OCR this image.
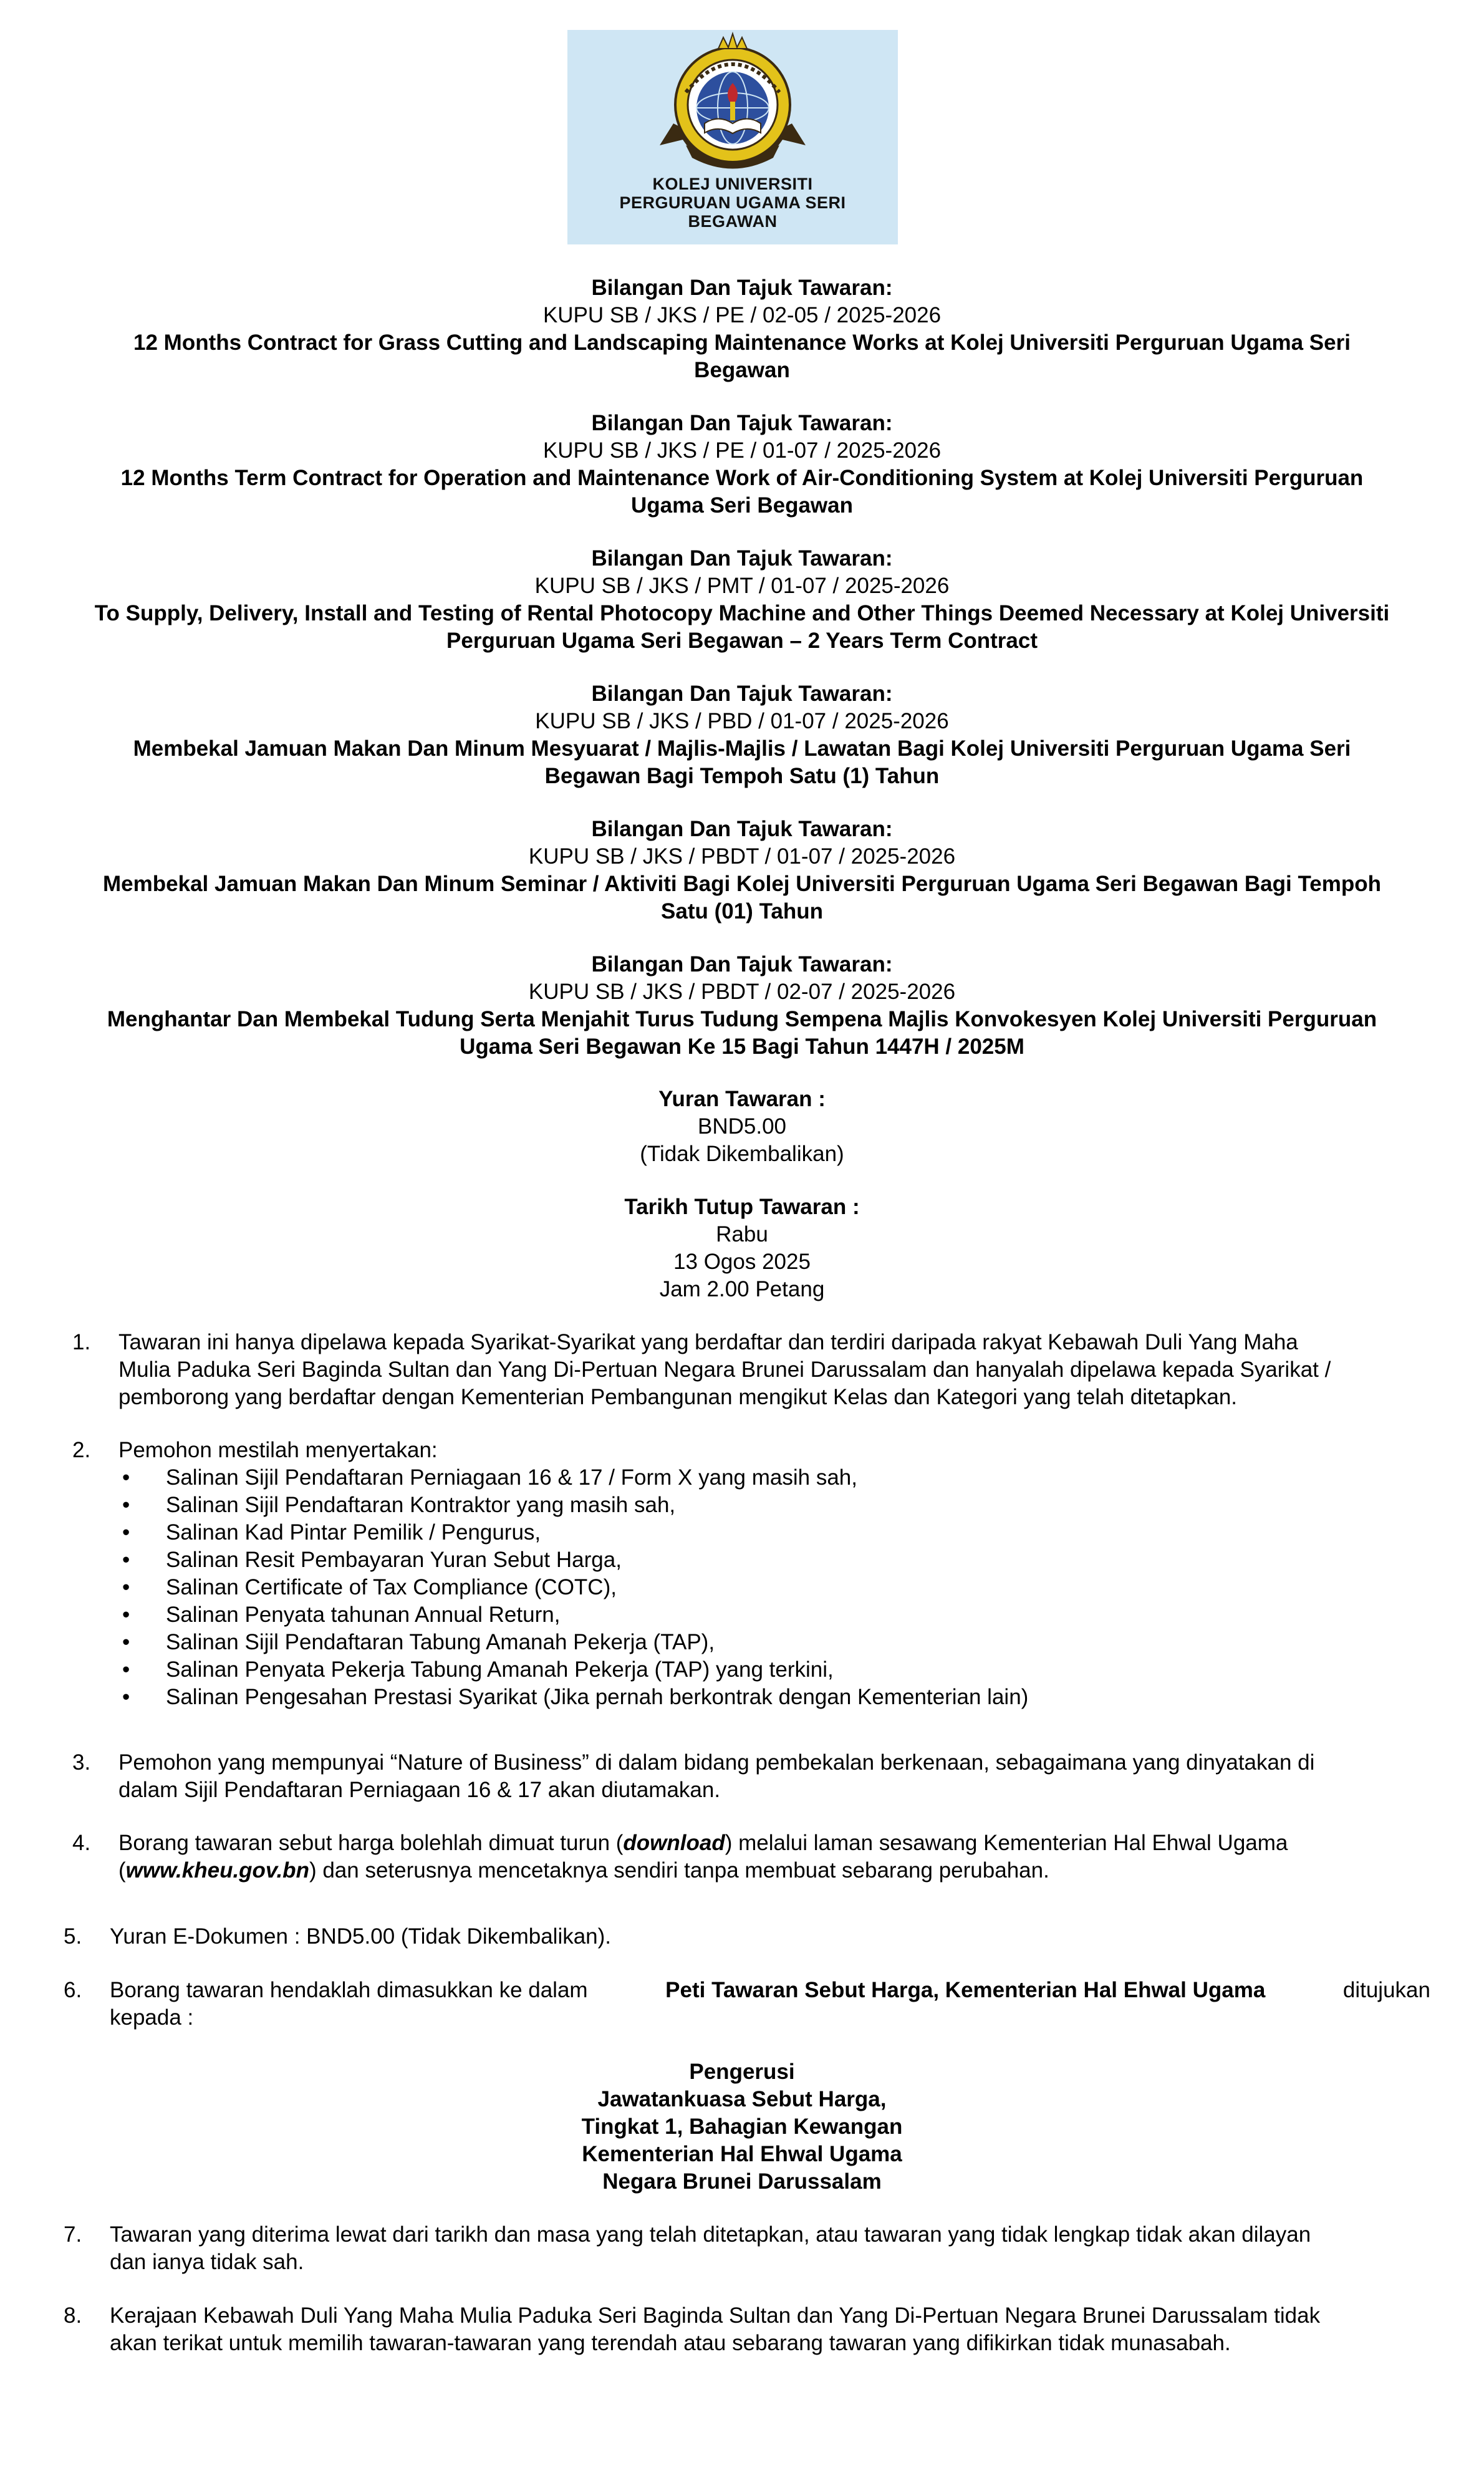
KOLEJ UNIVERSITI
PERGURUAN UGAMA SERI
BEGAWAN
Bilangan Dan Tajuk Tawaran:
KUPU SB / JKS / PE / 02-05 / 2025-2026
12 Months Contract for Grass Cutting and Landscaping Maintenance Works at Kolej Universiti Perguruan Ugama Seri
Begawan
Bilangan Dan Tajuk Tawaran:
KUPU SB / JKS / PE / 01-07 / 2025-2026
12 Months Term Contract for Operation and Maintenance Work of Air-Conditioning System at Kolej Universiti Perguruan
Ugama Seri Begawan
Bilangan Dan Tajuk Tawaran:
KUPU SB / JKS / PMT / 01-07 / 2025-2026
To Supply, Delivery, Install and Testing of Rental Photocopy Machine and Other Things Deemed Necessary at Kolej Universiti
Perguruan Ugama Seri Begawan – 2 Years Term Contract
Bilangan Dan Tajuk Tawaran:
KUPU SB / JKS / PBD / 01-07 / 2025-2026
Membekal Jamuan Makan Dan Minum Mesyuarat / Majlis-Majlis / Lawatan Bagi Kolej Universiti Perguruan Ugama Seri
Begawan Bagi Tempoh Satu (1) Tahun
Bilangan Dan Tajuk Tawaran:
KUPU SB / JKS / PBDT / 01-07 / 2025-2026
Membekal Jamuan Makan Dan Minum Seminar / Aktiviti Bagi Kolej Universiti Perguruan Ugama Seri Begawan Bagi Tempoh
Satu (01) Tahun
Bilangan Dan Tajuk Tawaran:
KUPU SB / JKS / PBDT / 02-07 / 2025-2026
Menghantar Dan Membekal Tudung Serta Menjahit Turus Tudung Sempena Majlis Konvokesyen Kolej Universiti Perguruan
Ugama Seri Begawan Ke 15 Bagi Tahun 1447H / 2025M
Yuran Tawaran :
BND5.00
(Tidak Dikembalikan)
Tarikh Tutup Tawaran :
Rabu
13 Ogos 2025
Jam 2.00 Petang
1. Tawaran ini hanya dipelawa kepada Syarikat-Syarikat yang berdaftar dan terdiri daripada rakyat Kebawah Duli Yang Maha
Mulia Paduka Seri Baginda Sultan dan Yang Di-Pertuan Negara Brunei Darussalam dan hanyalah dipelawa kepada Syarikat /
pemborong yang berdaftar dengan Kementerian Pembangunan mengikut Kelas dan Kategori yang telah ditetapkan.
2. Pemohon mestilah menyertakan:
• Salinan Sijil Pendaftaran Perniagaan 16 & 17 / Form X yang masih sah,
• Salinan Sijil Pendaftaran Kontraktor yang masih sah,
• Salinan Kad Pintar Pemilik / Pengurus,
• Salinan Resit Pembayaran Yuran Sebut Harga,
• Salinan Certificate of Tax Compliance (COTC),
• Salinan Penyata tahunan Annual Return,
• Salinan Sijil Pendaftaran Tabung Amanah Pekerja (TAP),
• Salinan Penyata Pekerja Tabung Amanah Pekerja (TAP) yang terkini,
• Salinan Pengesahan Prestasi Syarikat (Jika pernah berkontrak dengan Kementerian lain)
3. Pemohon yang mempunyai “Nature of Business” di dalam bidang pembekalan berkenaan, sebagaimana yang dinyatakan di
dalam Sijil Pendaftaran Perniagaan 16 & 17 akan diutamakan.
4. Borang tawaran sebut harga bolehlah dimuat turun (download) melalui laman sesawang Kementerian Hal Ehwal Ugama
(www.kheu.gov.bn) dan seterusnya mencetaknya sendiri tanpa membuat sebarang perubahan.
5. Yuran E-Dokumen : BND5.00 (Tidak Dikembalikan).
6. Borang tawaran hendaklah dimasukkan ke dalam	Peti Tawaran Sebut Harga, Kementerian Hal Ehwal Ugama	ditujukan
kepada :
Pengerusi
Jawatankuasa Sebut Harga,
Tingkat 1, Bahagian Kewangan
Kementerian Hal Ehwal Ugama
Negara Brunei Darussalam
7. Tawaran yang diterima lewat dari tarikh dan masa yang telah ditetapkan, atau tawaran yang tidak lengkap tidak akan dilayan
dan ianya tidak sah.
8. Kerajaan Kebawah Duli Yang Maha Mulia Paduka Seri Baginda Sultan dan Yang Di-Pertuan Negara Brunei Darussalam tidak
akan terikat untuk memilih tawaran-tawaran yang terendah atau sebarang tawaran yang difikirkan tidak munasabah.
